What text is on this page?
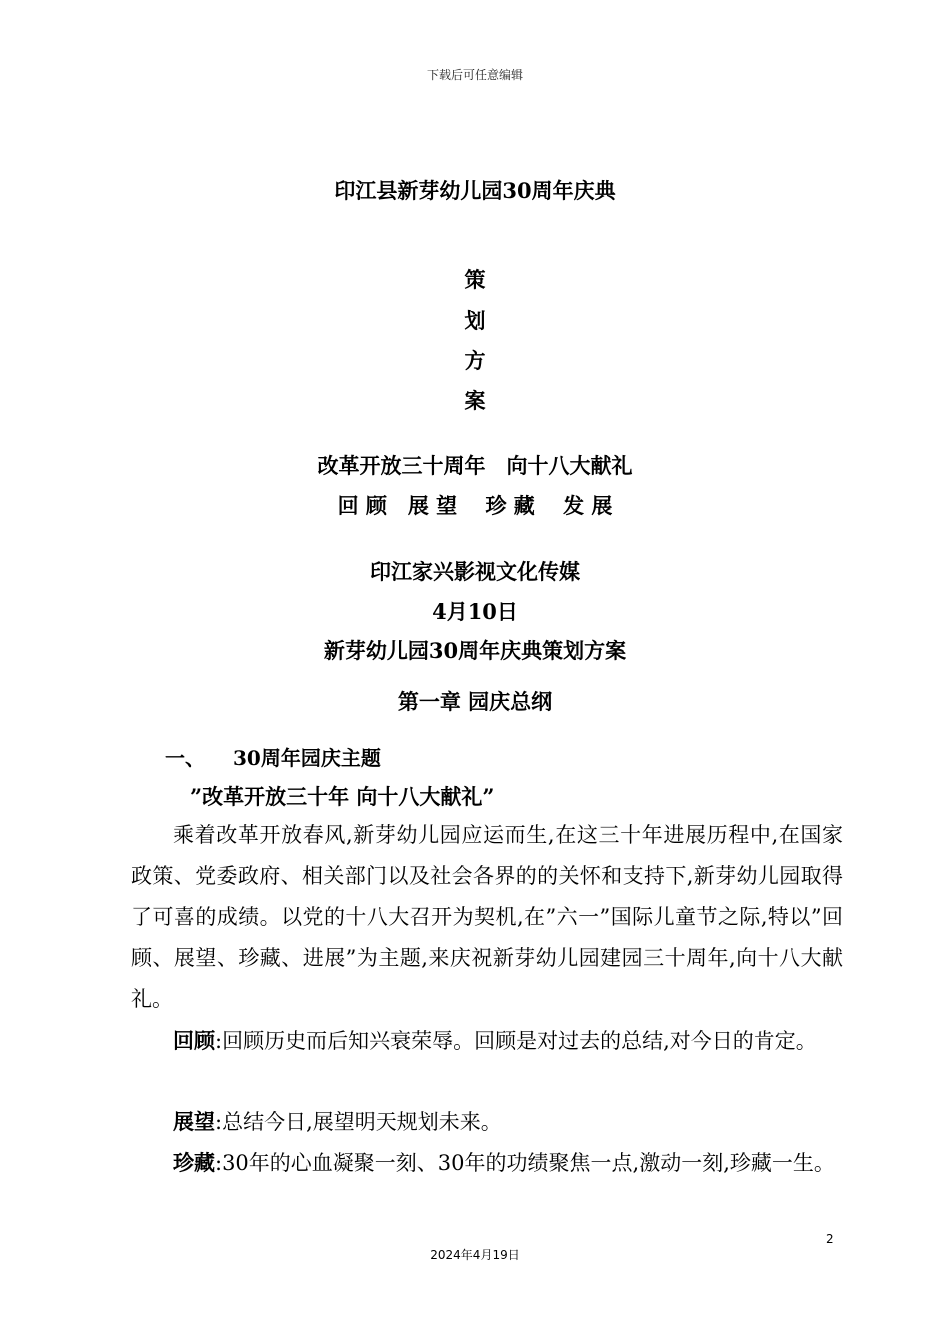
下载后可任意编辑
印江县新芽幼儿园30周年庆典
策
划
方
案
改革开放三十周年　向十八大献礼
回 顾　展 望　 珍 藏　 发 展
印江家兴影视文化传媒
4月10日
新芽幼儿园30周年庆典策划方案
第一章 园庆总纲
一、 30周年园庆主题
”改革开放三十年 向十八大献礼”
乘着改革开放春风,新芽幼儿园应运而生,在这三十年进展历程中,在国家政策、党委政府、相关部门以及社会各界的的关怀和支持下,新芽幼儿园取得了可喜的成绩。以党的十八大召开为契机,在”六一”国际儿童节之际,特以”回顾、展望、珍藏、进展”为主题,来庆祝新芽幼儿园建园三十周年,向十八大献礼。
回顾:回顾历史而后知兴衰荣辱。回顾是对过去的总结,对今日的肯定。
展望:总结今日,展望明天规划未来。
珍藏:30年的心血凝聚一刻、30年的功绩聚焦一点,激动一刻,珍藏一生。
2
2024年4月19日
